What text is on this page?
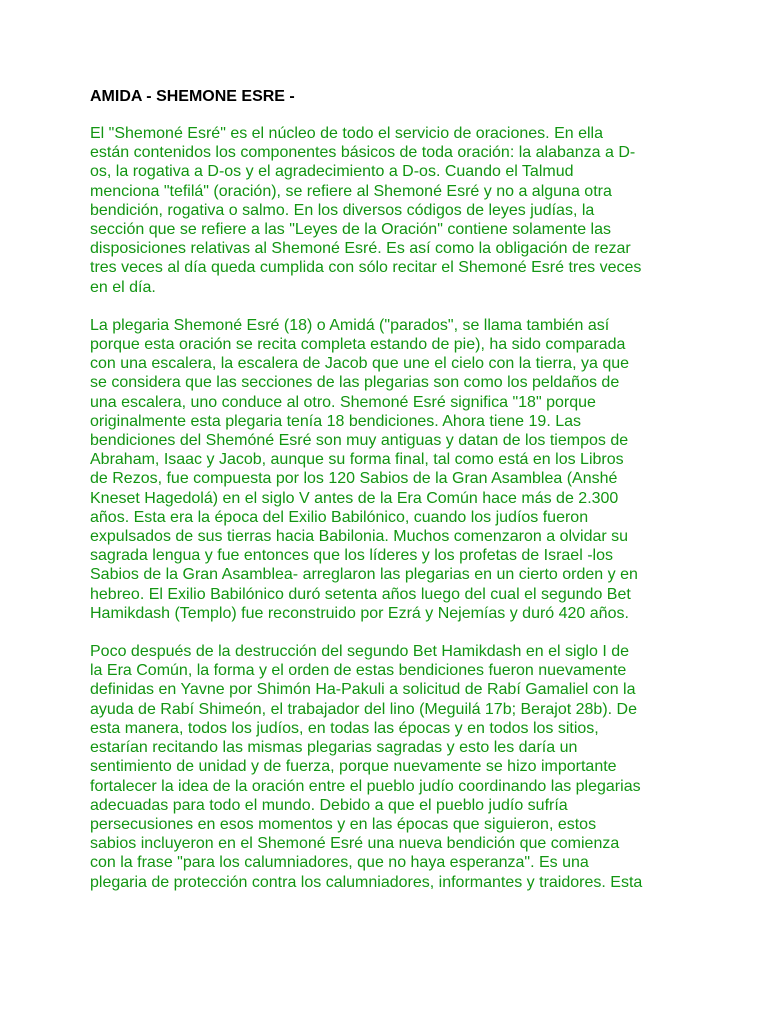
AMIDA - SHEMONE ESRE -
El "Shemoné Esré" es el núcleo de todo el servicio de oraciones. En ella
están contenidos los componentes básicos de toda oración: la alabanza a D-
os, la rogativa a D-os y el agradecimiento a D-os. Cuando el Talmud
menciona "tefilá" (oración), se refiere al Shemoné Esré y no a alguna otra
bendición, rogativa o salmo. En los diversos códigos de leyes judías, la
sección que se refiere a las "Leyes de la Oración" contiene solamente las
disposiciones relativas al Shemoné Esré. Es así como la obligación de rezar
tres veces al día queda cumplida con sólo recitar el Shemoné Esré tres veces
en el día.
La plegaria Shemoné Esré (18) o Amidá ("parados", se llama también así
porque esta oración se recita completa estando de pie), ha sido comparada
con una escalera, la escalera de Jacob que une el cielo con la tierra, ya que
se considera que las secciones de las plegarias son como los peldaños de
una escalera, uno conduce al otro. Shemoné Esré significa "18" porque
originalmente esta plegaria tenía 18 bendiciones. Ahora tiene 19. Las
bendiciones del Shemóné Esré son muy antiguas y datan de los tiempos de
Abraham, Isaac y Jacob, aunque su forma final, tal como está en los Libros
de Rezos, fue compuesta por los 120 Sabios de la Gran Asamblea (Anshé
Kneset Hagedolá) en el siglo V antes de la Era Común hace más de 2.300
años. Esta era la época del Exilio Babilónico, cuando los judíos fueron
expulsados de sus tierras hacia Babilonia. Muchos comenzaron a olvidar su
sagrada lengua y fue entonces que los líderes y los profetas de Israel -los
Sabios de la Gran Asamblea- arreglaron las plegarias en un cierto orden y en
hebreo. El Exilio Babilónico duró setenta años luego del cual el segundo Bet
Hamikdash (Templo) fue reconstruido por Ezrá y Nejemías y duró 420 años.
Poco después de la destrucción del segundo Bet Hamikdash en el siglo I de
la Era Común, la forma y el orden de estas bendiciones fueron nuevamente
definidas en Yavne por Shimón Ha-Pakuli a solicitud de Rabí Gamaliel con la
ayuda de Rabí Shimeón, el trabajador del lino (Meguilá 17b; Berajot 28b). De
esta manera, todos los judíos, en todas las épocas y en todos los sitios,
estarían recitando las mismas plegarias sagradas y esto les daría un
sentimiento de unidad y de fuerza, porque nuevamente se hizo importante
fortalecer la idea de la oración entre el pueblo judío coordinando las plegarias
adecuadas para todo el mundo. Debido a que el pueblo judío sufría
persecusiones en esos momentos y en las épocas que siguieron, estos
sabios incluyeron en el Shemoné Esré una nueva bendición que comienza
con la frase "para los calumniadores, que no haya esperanza". Es una
plegaria de protección contra los calumniadores, informantes y traidores. Esta
